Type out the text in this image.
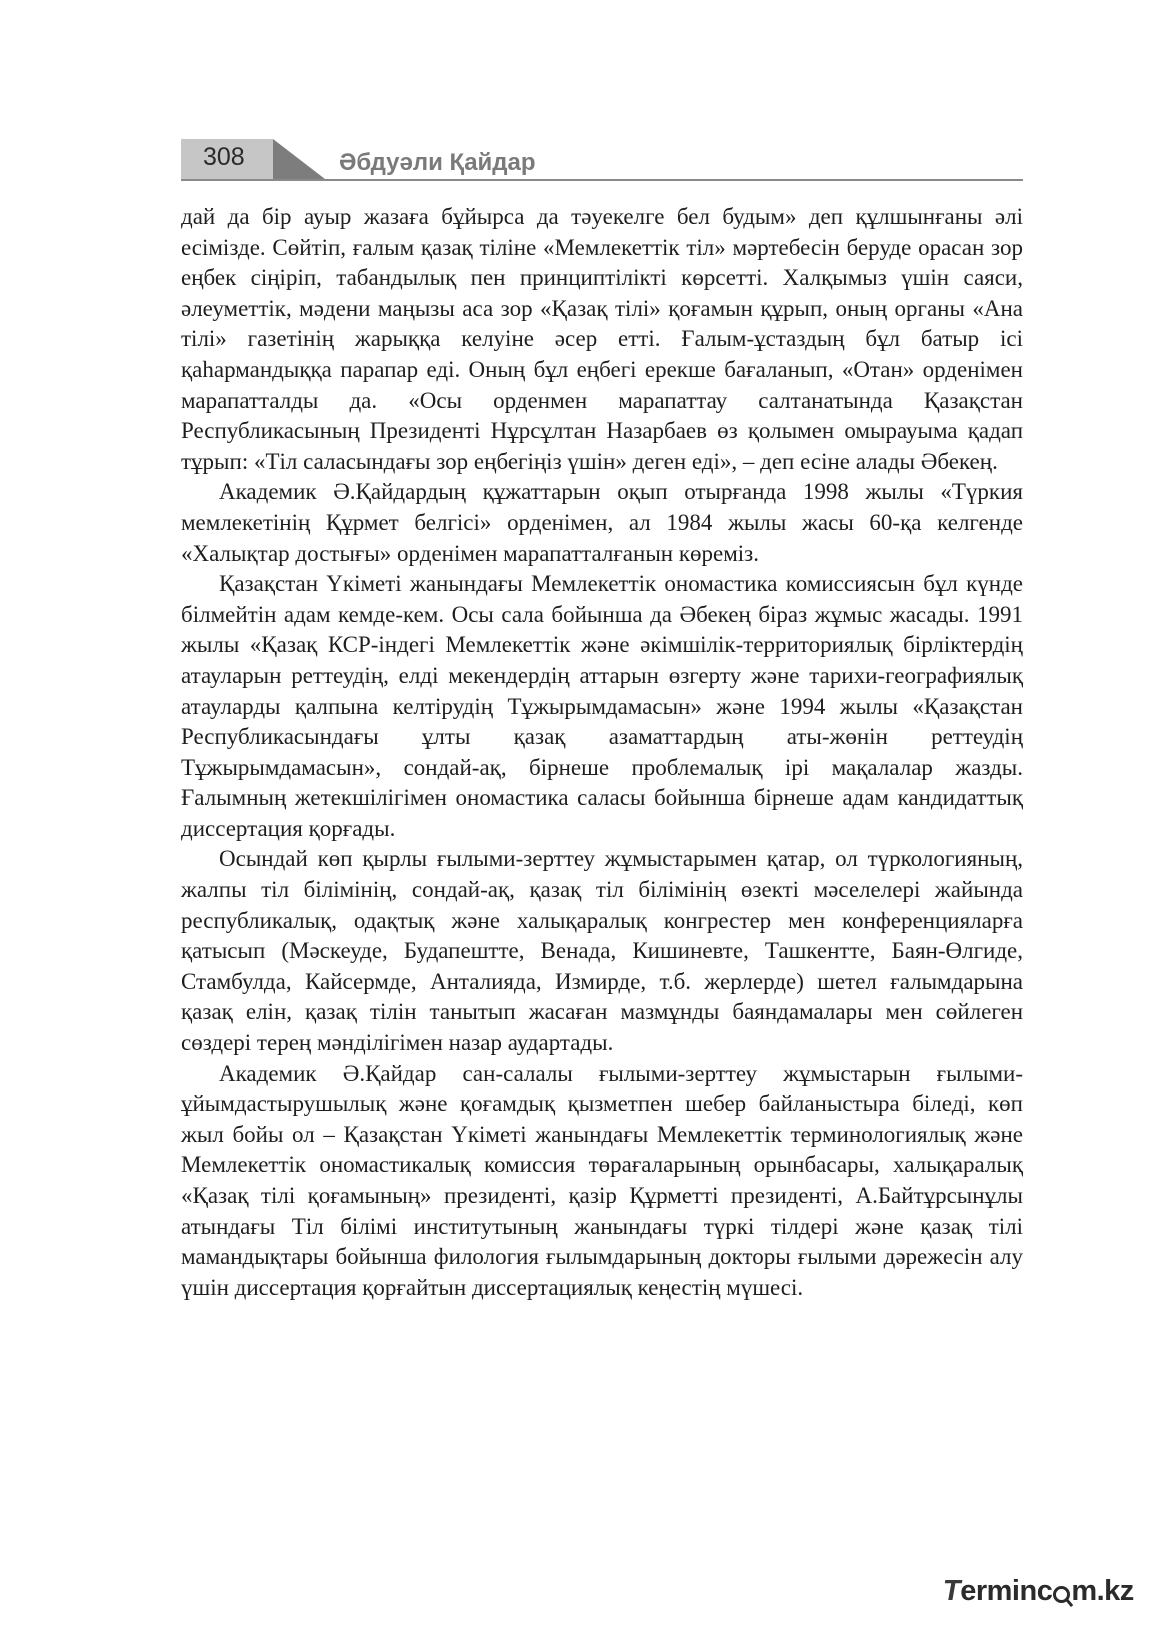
308	Әбдуәли Қайдар

дай да бір ауыр жазаға бұйырса да тәуекелге бел будым» деп құлшынғаны әлі есімізде. Сөйтіп, ғалым қазақ тіліне «Мемлекеттік тіл» мәртебесін беруде орасан зор еңбек сіңіріп, табандылық пен принциптілікті көрсетті. Халқымыз үшін саяси, әлеуметтік, мәдени маңызы аса зор «Қазақ тілі» қоғамын құрып, оның органы «Ана тілі» газетінің жарыққа келуіне әсер етті. Ғалым-ұстаздың бұл батыр ісі қаһармандыққа парапар еді. Оның бұл еңбегі ерекше бағаланып, «Отан» орденімен марапатталды да. «Осы орденмен марапаттау салтанатында Қазақстан Республикасының Президенті Нұрсұлтан Назарбаев өз қолымен омырауыма қадап тұрып: «Тіл саласындағы зор еңбегіңіз үшін» деген еді», – деп есіне алады Әбекең.

Академик Ә.Қайдардың құжаттарын оқып отырғанда 1998 жылы «Түркия мемлекетінің Құрмет белгісі» орденімен, ал 1984 жылы жасы 60-қа келгенде «Халықтар достығы» орденімен марапатталғанын көреміз.

Қазақстан Үкіметі жанындағы Мемлекеттік ономастика комиссиясын бұл күнде білмейтін адам кемде-кем. Осы сала бойынша да Әбекең біраз жұмыс жасады. 1991 жылы «Қазақ КСР-індегі Мемлекеттік және әкімшілік-территориялық бірліктердің атауларын реттеудің, елді мекендердің аттарын өзгерту және тарихи-географиялық атауларды қалпына келтірудің Тұжырымдамасын» және 1994 жылы «Қазақстан Республикасындағы ұлты қазақ азаматтардың аты-жөнін реттеудің Тұжырымдамасын», сондай-ақ, бірнеше проблемалық ірі мақалалар жазды. Ғалымның жетекшілігімен ономастика саласы бойынша бірнеше адам кандидаттық диссертация қорғады.

Осындай көп қырлы ғылыми-зерттеу жұмыстарымен қатар, ол түркологияның, жалпы тіл білімінің, сондай-ақ, қазақ тіл білімінің өзекті мәселелері жайында республикалық, одақтық және халықаралық конгрестер мен конференцияларға қатысып (Мәскеуде, Будапештте, Венада, Кишиневте, Ташкентте, Баян-Өлгиде, Стамбулда, Кайсермде, Анталияда, Измирде, т.б. жерлерде) шетел ғалымдарына қазақ елін, қазақ тілін танытып жасаған мазмұнды баяндамалары мен сөйлеген сөздері терең мәнділігімен назар аудартады.

Академик Ә.Қайдар сан-салалы ғылыми-зерттеу жұмыстарын ғылыми-ұйымдастырушылық және қоғамдық қызметпен шебер байланыстыра біледі, көп жыл бойы ол – Қазақстан Үкіметі жанындағы Мемлекеттік терминологиялық және Мемлекеттік ономастикалық комиссия төрағаларының орынбасары, халықаралық «Қазақ тілі қоғамының» президенті, қазір Құрметті президенті, А.Байтұрсынұлы атындағы Тіл білімі институтының жанындағы түркі тілдері және қазақ тілі мамандықтары бойынша филология ғылымдарының докторы ғылыми дәрежесін алу үшін диссертация қорғайтын диссертациялық кеңестің мүшесі.

Terminc m.kz
